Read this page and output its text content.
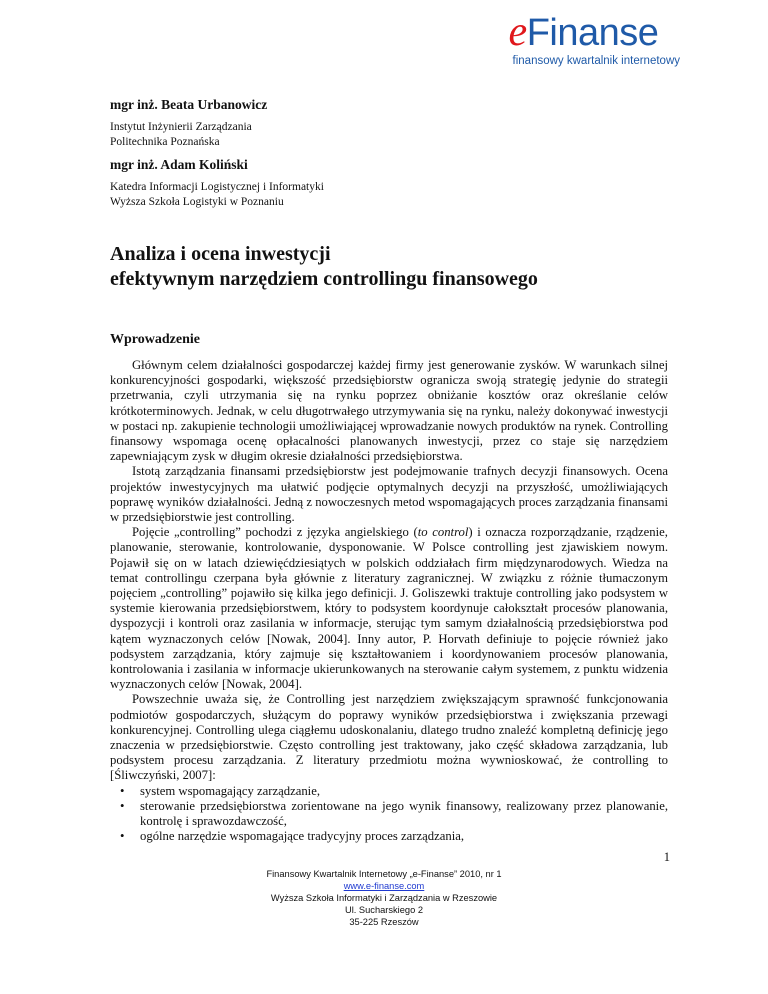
eFinanse
finansowy kwartalnik internetowy

mgr inż. Beata Urbanowicz

Instytut Inżynierii Zarządzania

Politechnika Poznańska

mgr inż. Adam Koliński

Katedra Informacji Logistycznej i Informatyki

Wyższa Szkoła Logistyki w Poznaniu

Analiza i ocena inwestycji
efektywnym narzędziem controllingu finansowego
Wprowadzenie

Głównym celem działalności gospodarczej każdej firmy jest generowanie zysków. W warunkach silnej konkurencyjności gospodarki, większość przedsiębiorstw ogranicza swoją strategię jedynie do strategii przetrwania, czyli utrzymania się na rynku poprzez obniżanie kosztów oraz określanie celów krótkoterminowych. Jednak, w celu długotrwałego utrzymywania się na rynku, należy dokonywać inwestycji w postaci np. zakupienie technologii umożliwiającej wprowadzanie nowych produktów na rynek. Controlling finansowy wspomaga ocenę opłacalności planowanych inwestycji, przez co staje się narzędziem zapewniającym zysk w długim okresie działalności przedsiębiorstwa.

Istotą zarządzania finansami przedsiębiorstw jest podejmowanie trafnych decyzji finansowych. Ocena projektów inwestycyjnych ma ułatwić podjęcie optymalnych decyzji na przyszłość, umożliwiających poprawę wyników działalności. Jedną z nowoczesnych metod wspomagających proces zarządzania finansami w przedsiębiorstwie jest controlling.

Pojęcie „controlling” pochodzi z języka angielskiego (to control) i oznacza rozporządzanie, rządzenie, planowanie, sterowanie, kontrolowanie, dysponowanie. W Polsce controlling jest zjawiskiem nowym. Pojawił się on w latach dziewięćdziesiątych w polskich oddziałach firm międzynarodowych. Wiedza na temat controllingu czerpana była głównie z literatury zagranicznej. W związku z różnie tłumaczonym pojęciem „controlling” pojawiło się kilka jego definicji. J. Goliszewki traktuje controlling jako podsystem w systemie kierowania przedsiębiorstwem, który to podsystem koordynuje całokształt procesów planowania, dyspozycji i kontroli oraz zasilania w informacje, sterując tym samym działalnością przedsiębiorstwa pod kątem wyznaczonych celów [Nowak, 2004]. Inny autor, P. Horvath definiuje to pojęcie również jako podsystem zarządzania, który zajmuje się kształtowaniem i koordynowaniem procesów planowania, kontrolowania i zasilania w informacje ukierunkowanych na sterowanie całym systemem, z punktu widzenia wyznaczonych celów [Nowak, 2004].

Powszechnie uważa się, że Controlling jest narzędziem zwiększającym sprawność funkcjonowania podmiotów gospodarczych, służącym do poprawy wyników przedsiębiorstwa i zwiększania przewagi konkurencyjnej. Controlling ulega ciągłemu udoskonalaniu, dlatego trudno znaleźć kompletną definicję jego znaczenia w przedsiębiorstwie. Często controlling jest traktowany, jako część składowa zarządzania, lub podsystem procesu zarządzania. Z literatury przedmiotu można wywnioskować, że controlling to [Śliwczyński, 2007]:

• system wspomagający zarządzanie,
• sterowanie przedsiębiorstwa zorientowane na jego wynik finansowy, realizowany przez planowanie, kontrolę i sprawozdawczość,
• ogólne narzędzie wspomagające tradycyjny proces zarządzania,
1
Finansowy Kwartalnik Internetowy „e-Finanse” 2010, nr 1
www.e-finanse.com
Wyższa Szkoła Informatyki i Zarządzania w Rzeszowie
Ul. Sucharskiego 2
35-225 Rzeszów
